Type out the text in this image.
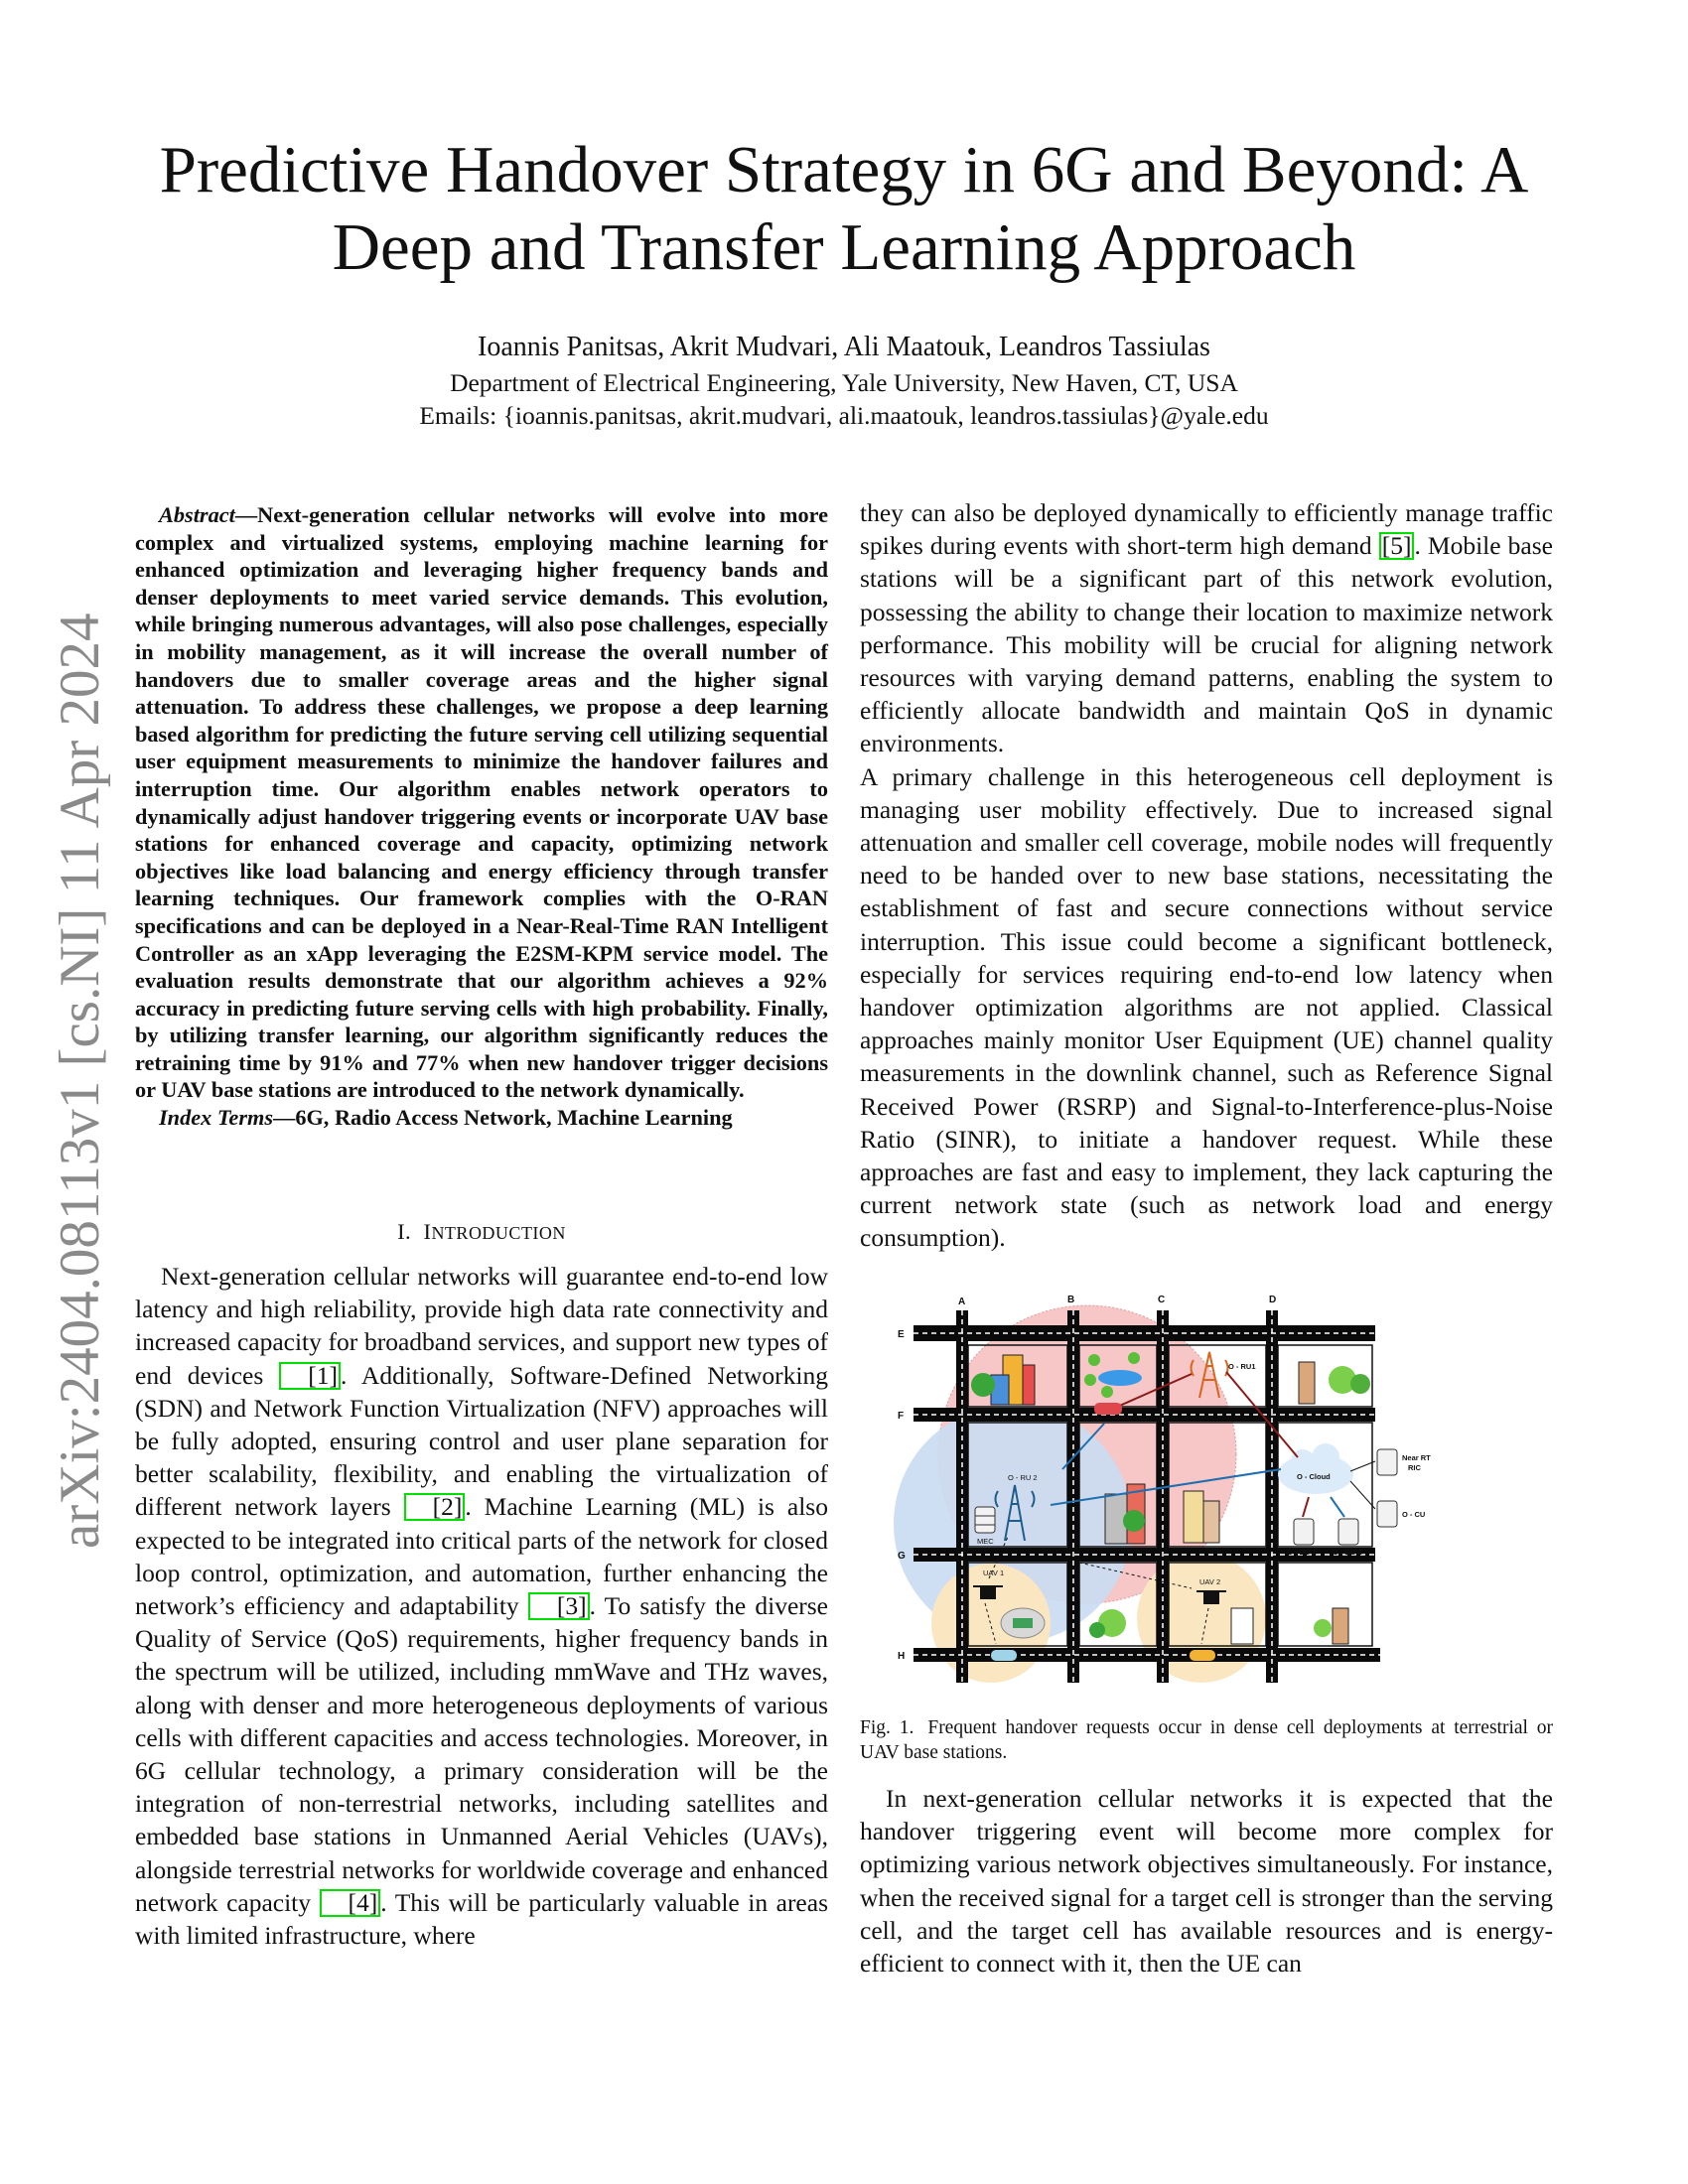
arXiv:2404.08113v1 [cs.NI] 11 Apr 2024
Predictive Handover Strategy in 6G and Beyond: A Deep and Transfer Learning Approach
Ioannis Panitsas, Akrit Mudvari, Ali Maatouk, Leandros Tassiulas
Department of Electrical Engineering, Yale University, New Haven, CT, USA
Emails: {ioannis.panitsas, akrit.mudvari, ali.maatouk, leandros.tassiulas}@yale.edu

Abstract—Next-generation cellular networks will evolve into more complex and virtualized systems, employing machine learning for enhanced optimization and leveraging higher frequency bands and denser deployments to meet varied service demands. This evolution, while bringing numerous advantages, will also pose challenges, especially in mobility management, as it will increase the overall number of handovers due to smaller coverage areas and the higher signal attenuation. To address these challenges, we propose a deep learning based algorithm for predicting the future serving cell utilizing sequential user equipment measurements to minimize the handover failures and interruption time. Our algorithm enables network operators to dynamically adjust handover triggering events or incorporate UAV base stations for enhanced coverage and capacity, optimizing network objectives like load balancing and energy efficiency through transfer learning techniques. Our framework complies with the O-RAN specifications and can be deployed in a Near-Real-Time RAN Intelligent Controller as an xApp leveraging the E2SM-KPM service model. The evaluation results demonstrate that our algorithm achieves a 92% accuracy in predicting future serving cells with high probability. Finally, by utilizing transfer learning, our algorithm significantly reduces the retraining time by 91% and 77% when new handover trigger decisions or UAV base stations are introduced to the network dynamically.

Index Terms—6G, Radio Access Network, Machine Learning

I. INTRODUCTION

Next-generation cellular networks will guarantee end-to-end low latency and high reliability, provide high data rate connectivity and increased capacity for broadband services, and support new types of end devices [1] . Additionally, Software-Defined Networking (SDN) and Network Function Virtualization (NFV) approaches will be fully adopted, ensuring control and user plane separation for better scalability, flexibility, and enabling the virtualization of different network layers [2] . Machine Learning (ML) is also expected to be integrated into critical parts of the network for closed loop control, optimization, and automation, further enhancing the network’s efficiency and adaptability [3] . To satisfy the diverse Quality of Service (QoS) requirements, higher frequency bands in the spectrum will be utilized, including mmWave and THz waves, along with denser and more heterogeneous deployments of various cells with different capacities and access technologies. Moreover, in 6G cellular technology, a primary consideration will be the integration of non-terrestrial networks, including satellites and embedded base stations in Unmanned Aerial Vehicles (UAVs), alongside terrestrial networks for worldwide coverage and enhanced network capacity [4] . This will be particularly valuable in areas with limited infrastructure, where

they can also be deployed dynamically to efficiently manage traffic spikes during events with short-term high demand [5] . Mobile base stations will be a significant part of this network evolution, possessing the ability to change their location to maximize network performance. This mobility will be crucial for aligning network resources with varying demand patterns, enabling the system to efficiently allocate bandwidth and maintain QoS in dynamic environments.

A primary challenge in this heterogeneous cell deployment is managing user mobility effectively. Due to increased signal attenuation and smaller cell coverage, mobile nodes will frequently need to be handed over to new base stations, necessitating the establishment of fast and secure connections without service interruption. This issue could become a significant bottleneck, especially for services requiring end-to-end low latency when handover optimization algorithms are not applied. Classical approaches mainly monitor User Equipment (UE) channel quality measurements in the downlink channel, such as Reference Signal Received Power (RSRP) and Signal-to-Interference-plus-Noise Ratio (SINR), to initiate a handover request. While these approaches are fast and easy to implement, they lack capturing the current network state (such as network load and energy consumption).

A	B	C	D
E
F
G
H
O - RU1
O - RU 2
MEC
O - Cloud
Near RT
RIC
O - CU
O - DU 1 O - DU 2
UAV 1
UAV 2

Fig. 1. Frequent handover requests occur in dense cell deployments at terrestrial or UAV base stations.

In next-generation cellular networks it is expected that the handover triggering event will become more complex for optimizing various network objectives simultaneously. For instance, when the received signal for a target cell is stronger than the serving cell, and the target cell has available resources and is energy-efficient to connect with it, then the UE can
